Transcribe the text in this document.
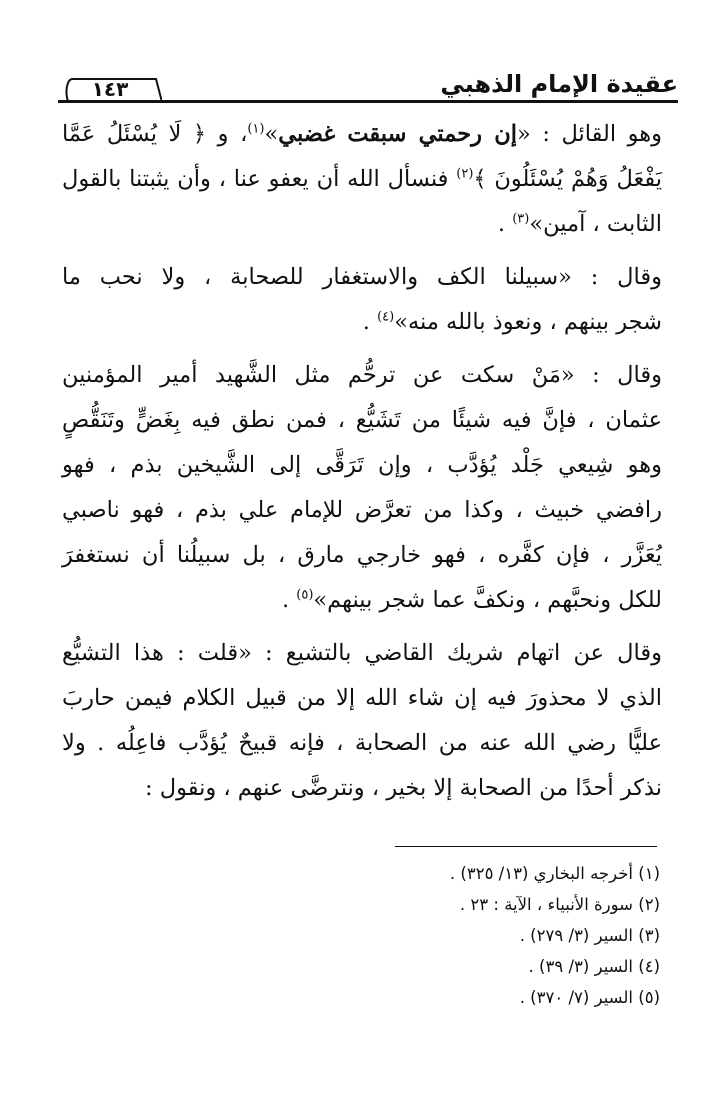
عقيدة الإمام الذهبي
١٤٣

وهو القائل : «إن رحمتي سبقت غضبي»$^{(١)}$، و ﴿ لَا يُسْئَلُ عَمَّا
يَفْعَلُ وَهُمْ يُسْئَلُونَ ﴾$^{(٢)}$ فنسأل الله أن يعفو عنا ، وأن يثبتنا بالقول
الثابت ، آمين»$^{(٣)}$ .

وقال : «سبيلنا الكف والاستغفار للصحابة ، ولا نحب ما
شجر بينهم ، ونعوذ بالله منه»$^{(٤)}$ .

وقال : «مَنْ سكت عن ترحُّم مثل الشَّهيد أمير المؤمنين
عثمان ، فإنَّ فيه شيئًا من تَشَيُّع ، فمن نطق فيه بِغَضٍّ وتَنَقُّصٍ
وهو شِيعي جَلْد يُؤدَّب ، وإن تَرَقَّى إلى الشَّيخين بذم ، فهو
رافضي خبيث ، وكذا من تعرَّض للإمام علي بذم ، فهو ناصبي
يُعَزَّر ، فإن كفَّره ، فهو خارجي مارق ، بل سبيلُنا أن نستغفرَ
للكل ونحبَّهم ، ونكفَّ عما شجر بينهم»$^{(٥)}$ .

وقال عن اتهام شريك القاضي بالتشيع : «قلت : هذا التشيُّع
الذي لا محذورَ فيه إن شاء الله إلا من قبيل الكلام فيمن حاربَ
عليًّا رضي الله عنه من الصحابة ، فإنه قبيحٌ يُؤدَّب فاعِلُه . ولا
نذكر أحدًا من الصحابة إلا بخير ، ونترضَّى عنهم ، ونقول :

(١) أخرجه البخاري (١٣/ ٣٢٥) .
(٢) سورة الأنبياء ، الآية : ٢٣ .
(٣) السير (٣/ ٢٧٩) .
(٤) السير (٣/ ٣٩) .
(٥) السير (٧/ ٣٧٠) .
